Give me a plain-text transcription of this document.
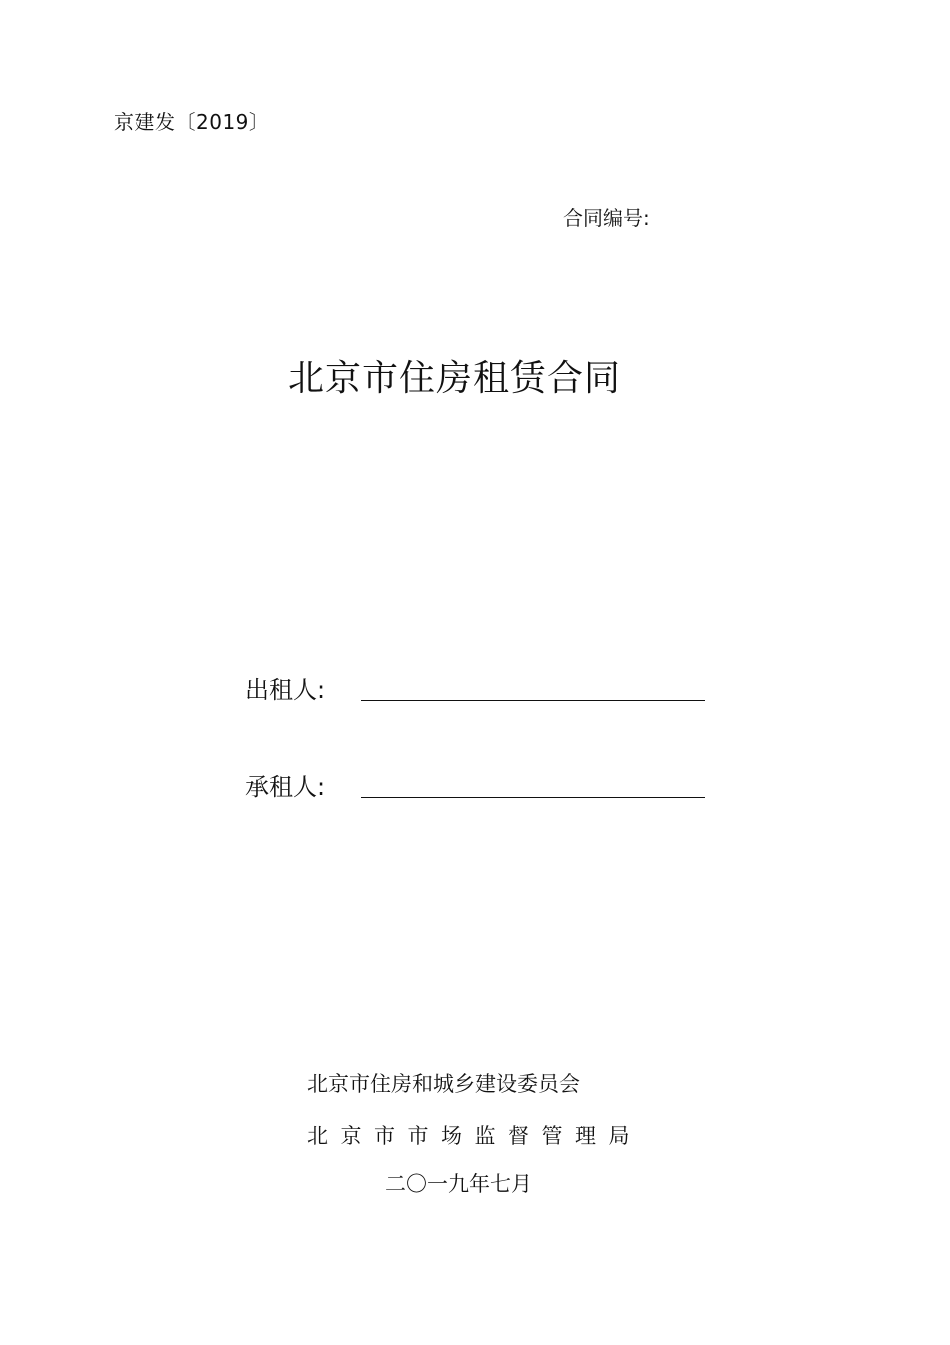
京建发〔2019〕
合同编号:
北京市住房租赁合同
出租人:
承租人:
北京市住房和城乡建设委员会
北京市市场监督管理局
二〇一九年七月
